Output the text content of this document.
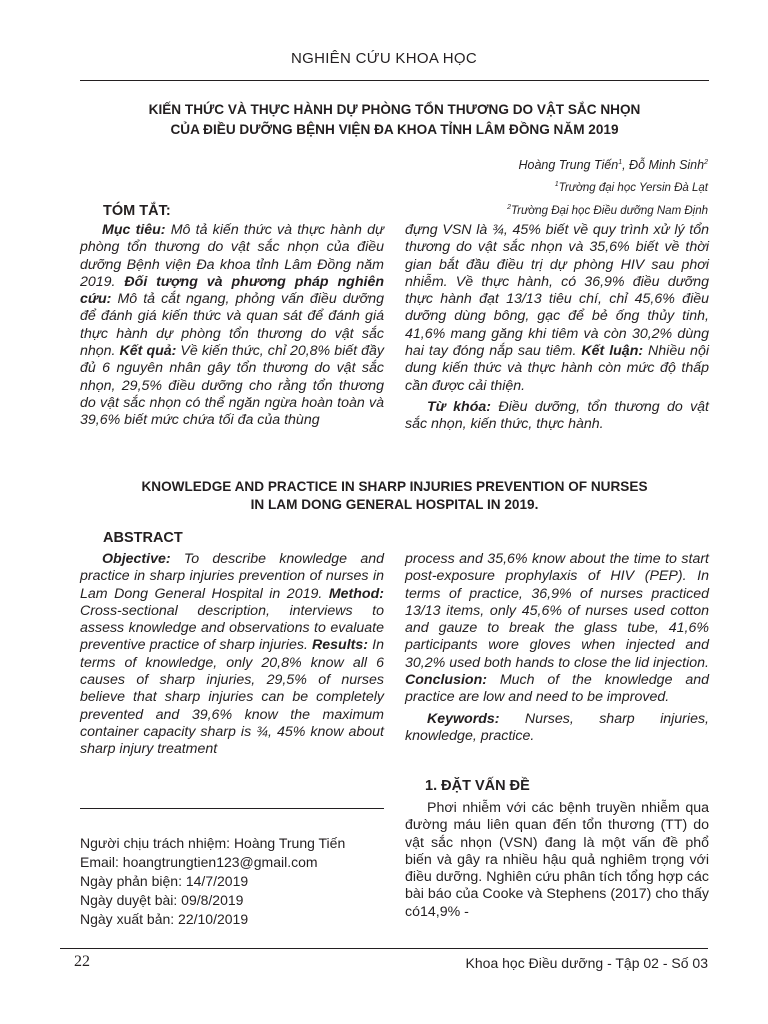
NGHIÊN CỨU KHOA HỌC
KIẾN THỨC VÀ THỰC HÀNH DỰ PHÒNG TỔN THƯƠNG DO VẬT SẮC NHỌN
CỦA ĐIỀU DƯỠNG BỆNH VIỆN ĐA KHOA TỈNH LÂM ĐỒNG NĂM 2019
Hoàng Trung Tiến$^1$, Đỗ Minh Sinh$^2$
$^1$Trường đại học Yersin Đà Lạt
$^2$Trường Đại học Điều dưỡng Nam Định
TÓM TẮT:

Mục tiêu: Mô tả kiến thức và thực hành dự phòng tổn thương do vật sắc nhọn của điều dưỡng Bệnh viện Đa khoa tỉnh Lâm Đồng năm 2019. Đối tượng và phương pháp nghiên cứu: Mô tả cắt ngang, phỏng vấn điều dưỡng để đánh giá kiến thức và quan sát để đánh giá thực hành dự phòng tổn thương do vật sắc nhọn. Kết quả: Về kiến thức, chỉ 20,8% biết đầy đủ 6 nguyên nhân gây tổn thương do vật sắc nhọn, 29,5% điều dưỡng cho rằng tổn thương do vật sắc nhọn có thể ngăn ngừa hoàn toàn và 39,6% biết mức chứa tối đa của thùng

đựng VSN là ¾, 45% biết về quy trình xử lý tổn thương do vật sắc nhọn và 35,6% biết về thời gian bắt đầu điều trị dự phòng HIV sau phơi nhiễm. Về thực hành, có 36,9% điều dưỡng thực hành đạt 13/13 tiêu chí, chỉ 45,6% điều dưỡng dùng bông, gạc để bẻ ống thủy tinh, 41,6% mang găng khi tiêm và còn 30,2% dùng hai tay đóng nắp sau tiêm. Kết luận: Nhiều nội dung kiến thức và thực hành còn mức độ thấp cần được cải thiện.

Từ khóa: Điều dưỡng, tổn thương do vật sắc nhọn, kiến thức, thực hành.

KNOWLEDGE AND PRACTICE IN SHARP INJURIES PREVENTION OF NURSES
IN LAM DONG GENERAL HOSPITAL IN 2019.
ABSTRACT

Objective: To describe knowledge and practice in sharp injuries prevention of nurses in Lam Dong General Hospital in 2019. Method: Cross-sectional description, interviews to assess knowledge and observations to evaluate preventive practice of sharp injuries. Results: In terms of knowledge, only 20,8% know all 6 causes of sharp injuries, 29,5% of nurses believe that sharp injuries can be completely prevented and 39,6% know the maximum container capacity sharp is ¾, 45% know about sharp injury treatment

process and 35,6% know about the time to start post-exposure prophylaxis of HIV (PEP). In terms of practice, 36,9% of nurses practiced 13/13 items, only 45,6% of nurses used cotton and gauze to break the glass tube, 41,6% participants wore gloves when injected and 30,2% used both hands to close the lid injection. Conclusion: Much of the knowledge and practice are low and need to be improved.

Keywords: Nurses, sharp injuries, knowledge, practice.

1. ĐẶT VẤN ĐỀ

Phơi nhiễm với các bệnh truyền nhiễm qua đường máu liên quan đến tổn thương (TT) do vật sắc nhọn (VSN) đang là một vấn đề phổ biến và gây ra nhiều hậu quả nghiêm trọng với điều dưỡng. Nghiên cứu phân tích tổng hợp các bài báo của Cooke và Stephens (2017) cho thấy có14,9% -

Người chịu trách nhiệm: Hoàng Trung Tiến
Email: hoangtrungtien123@gmail.com
Ngày phản biện: 14/7/2019
Ngày duyệt bài: 09/8/2019
Ngày xuất bản: 22/10/2019
22	Khoa học Điều dưỡng - Tập 02 - Số 03
